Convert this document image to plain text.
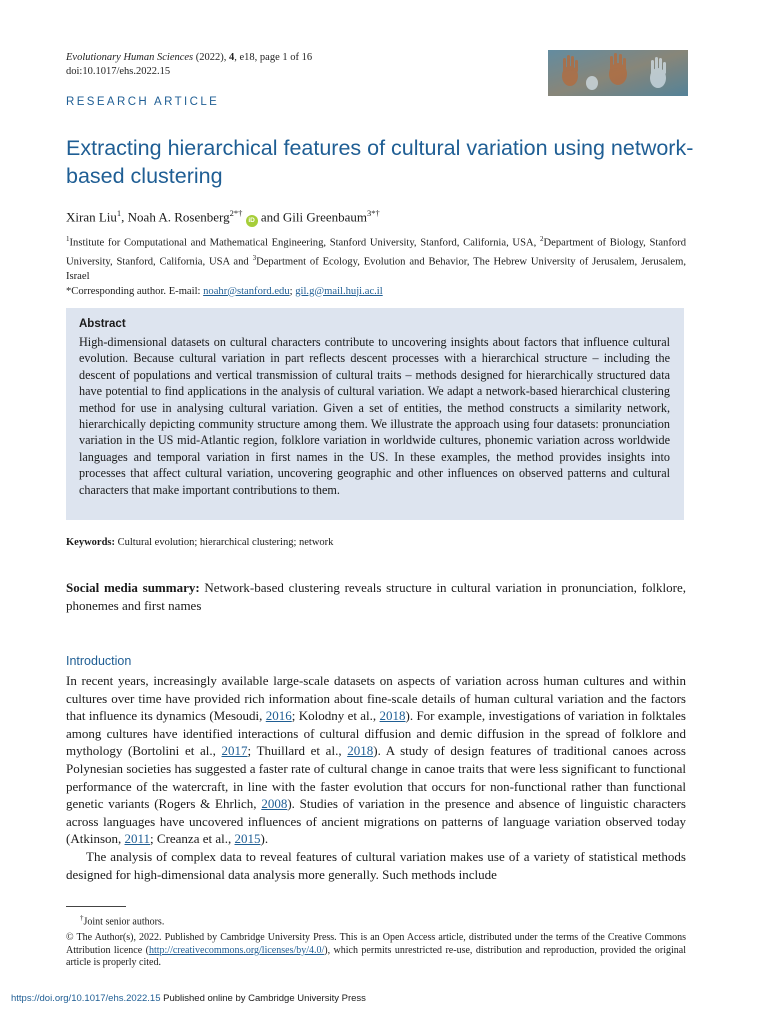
Evolutionary Human Sciences (2022), 4, e18, page 1 of 16
doi:10.1017/ehs.2022.15
RESEARCH ARTICLE
Extracting hierarchical features of cultural variation using network-based clustering
Xiran Liu$^1$, Noah A. Rosenberg$^{2*\dagger}$ iD and Gili Greenbaum$^{3*\dagger}$
$^1$Institute for Computational and Mathematical Engineering, Stanford University, Stanford, California, USA, $^2$Department of Biology, Stanford University, Stanford, California, USA and $^3$Department of Ecology, Evolution and Behavior, The Hebrew University of Jerusalem, Jerusalem, Israel
*Corresponding author. E-mail: noahr@stanford.edu; gil.g@mail.huji.ac.il
Abstract
High-dimensional datasets on cultural characters contribute to uncovering insights about factors that influence cultural evolution. Because cultural variation in part reflects descent processes with a hierarchical structure – including the descent of populations and vertical transmission of cultural traits – methods designed for hierarchically structured data have potential to find applications in the analysis of cultural variation. We adapt a network-based hierarchical clustering method for use in analysing cultural variation. Given a set of entities, the method constructs a similarity network, hierarchically depicting community structure among them. We illustrate the approach using four datasets: pronunciation variation in the US mid-Atlantic region, folklore variation in worldwide cultures, phonemic variation across worldwide languages and temporal variation in first names in the US. In these examples, the method provides insights into processes that affect cultural variation, uncovering geographic and other influences on observed patterns and cultural characters that make important contributions to them.
Keywords: Cultural evolution; hierarchical clustering; network
Social media summary: Network-based clustering reveals structure in cultural variation in pronunciation, folklore, phonemes and first names
Introduction

In recent years, increasingly available large-scale datasets on aspects of variation across human cultures and within cultures over time have provided rich information about fine-scale details of human cultural variation and the factors that influence its dynamics (Mesoudi, 2016; Kolodny et al., 2018). For example, investigations of variation in folktales among cultures have identified interactions of cultural diffusion and demic diffusion in the spread of folklore and mythology (Bortolini et al., 2017; Thuillard et al., 2018). A study of design features of traditional canoes across Polynesian societies has suggested a faster rate of cultural change in canoe traits that were less significant to functional performance of the watercraft, in line with the faster evolution that occurs for non-functional rather than functional genetic variants (Rogers & Ehrlich, 2008). Studies of variation in the presence and absence of linguistic characters across languages have uncovered influences of ancient migrations on patterns of language variation observed today (Atkinson, 2011; Creanza et al., 2015).

The analysis of complex data to reveal features of cultural variation makes use of a variety of statistical methods designed for high-dimensional data analysis more generally. Such methods include

†Joint senior authors.
© The Author(s), 2022. Published by Cambridge University Press. This is an Open Access article, distributed under the terms of the Creative Commons Attribution licence (http://creativecommons.org/licenses/by/4.0/), which permits unrestricted re-use, distribution and reproduction, provided the original article is properly cited.
https://doi.org/10.1017/ehs.2022.15 Published online by Cambridge University Press
